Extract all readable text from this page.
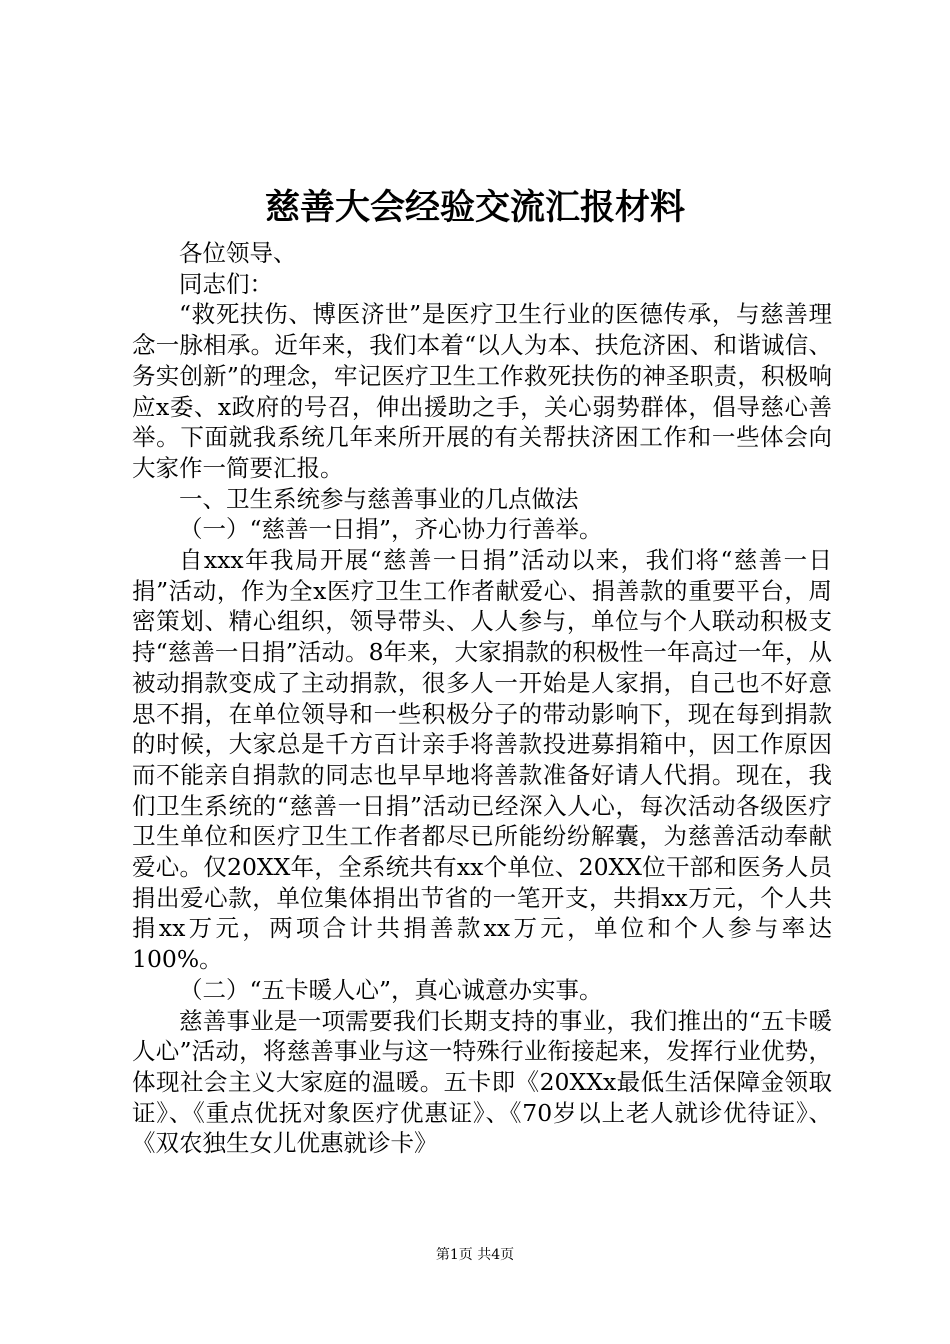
慈善大会经验交流汇报材料

各位领导、

同志们：

“救死扶伤、博医济世”是医疗卫生行业的医德传承，与慈善理念一脉相承。近年来，我们本着“以人为本、扶危济困、和谐诚信、务实创新”的理念，牢记医疗卫生工作救死扶伤的神圣职责，积极响应x委、x政府的号召，伸出援助之手，关心弱势群体，倡导慈心善举。下面就我系统几年来所开展的有关帮扶济困工作和一些体会向大家作一简要汇报。

一、卫生系统参与慈善事业的几点做法

（一）“慈善一日捐”，齐心协力行善举。

自xxx年我局开展“慈善一日捐”活动以来，我们将“慈善一日捐”活动，作为全x医疗卫生工作者献爱心、捐善款的重要平台，周密策划、精心组织，领导带头、人人参与，单位与个人联动积极支持“慈善一日捐”活动。8年来，大家捐款的积极性一年高过一年，从被动捐款变成了主动捐款，很多人一开始是人家捐，自己也不好意思不捐，在单位领导和一些积极分子的带动影响下，现在每到捐款的时候，大家总是千方百计亲手将善款投进募捐箱中，因工作原因而不能亲自捐款的同志也早早地将善款准备好请人代捐。现在，我们卫生系统的“慈善一日捐”活动已经深入人心，每次活动各级医疗卫生单位和医疗卫生工作者都尽已所能纷纷解囊，为慈善活动奉献爱心。仅20XX年，全系统共有xx个单位、20XX位干部和医务人员捐出爱心款，单位集体捐出节省的一笔开支，共捐xx万元，个人共捐xx万元，两项合计共捐善款xx万元，单位和个人参与率达100%。

（二）“五卡暖人心”，真心诚意办实事。

慈善事业是一项需要我们长期支持的事业，我们推出的“五卡暖人心”活动，将慈善事业与这一特殊行业衔接起来，发挥行业优势，体现社会主义大家庭的温暖。五卡即《20XXx最低生活保障金领取证》、《重点优抚对象医疗优惠证》、《70岁以上老人就诊优待证》、《双农独生女儿优惠就诊卡》

第1页 共4页
